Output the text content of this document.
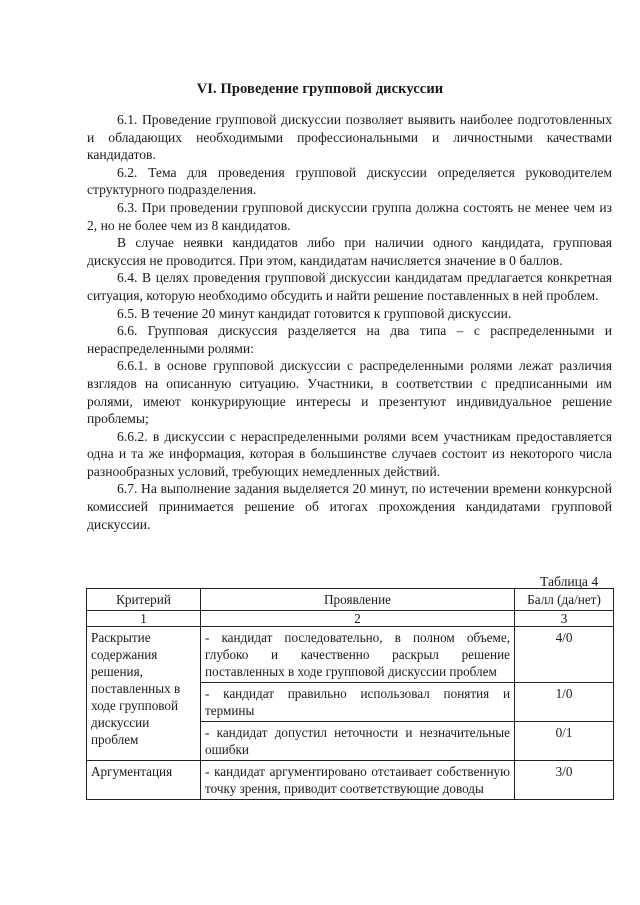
VI. Проведение групповой дискуссии

6.1. Проведение групповой дискуссии позволяет выявить наиболее подготовленных и обладающих необходимыми профессиональными и личностными качествами кандидатов.

6.2. Тема для проведения групповой дискуссии определяется руководителем структурного подразделения.

6.3. При проведении групповой дискуссии группа должна состоять не менее чем из 2, но не более чем из 8 кандидатов.

В случае неявки кандидатов либо при наличии одного кандидата, групповая дискуссия не проводится. При этом, кандидатам начисляется значение в 0 баллов.

6.4. В целях проведения групповой дискуссии кандидатам предлагается конкретная ситуация, которую необходимо обсудить и найти решение поставленных в ней проблем.

6.5. В течение 20 минут кандидат готовится к групповой дискуссии.

6.6. Групповая дискуссия разделяется на два типа – с распределенными и нераспределенными ролями:

6.6.1. в основе групповой дискуссии с распределенными ролями лежат различия взглядов на описанную ситуацию. Участники, в соответствии с предписанными им ролями, имеют конкурирующие интересы и презентуют индивидуальное решение проблемы;

6.6.2. в дискуссии с нераспределенными ролями всем участникам предоставляется одна и та же информация, которая в большинстве случаев состоит из некоторого числа разнообразных условий, требующих немедленных действий.

6.7. На выполнение задания выделяется 20 минут, по истечении времени конкурсной комиссией принимается решение об итогах прохождения кандидатами групповой дискуссии.

Таблица 4
Критерий	Проявление	Балл (да/нет)
1	2	3
Раскрытие содержания решения, поставленных в ходе групповой дискуссии проблем	- кандидат последовательно, в полном объеме, глубоко и качественно раскрыл решение поставленных в ходе групповой дискуссии проблем	4/0
	- кандидат правильно использовал понятия и термины	1/0
	- кандидат допустил неточности и незначительные ошибки	0/1
Аргументация	- кандидат аргументировано отстаивает собственную точку зрения, приводит соответствующие доводы	3/0
